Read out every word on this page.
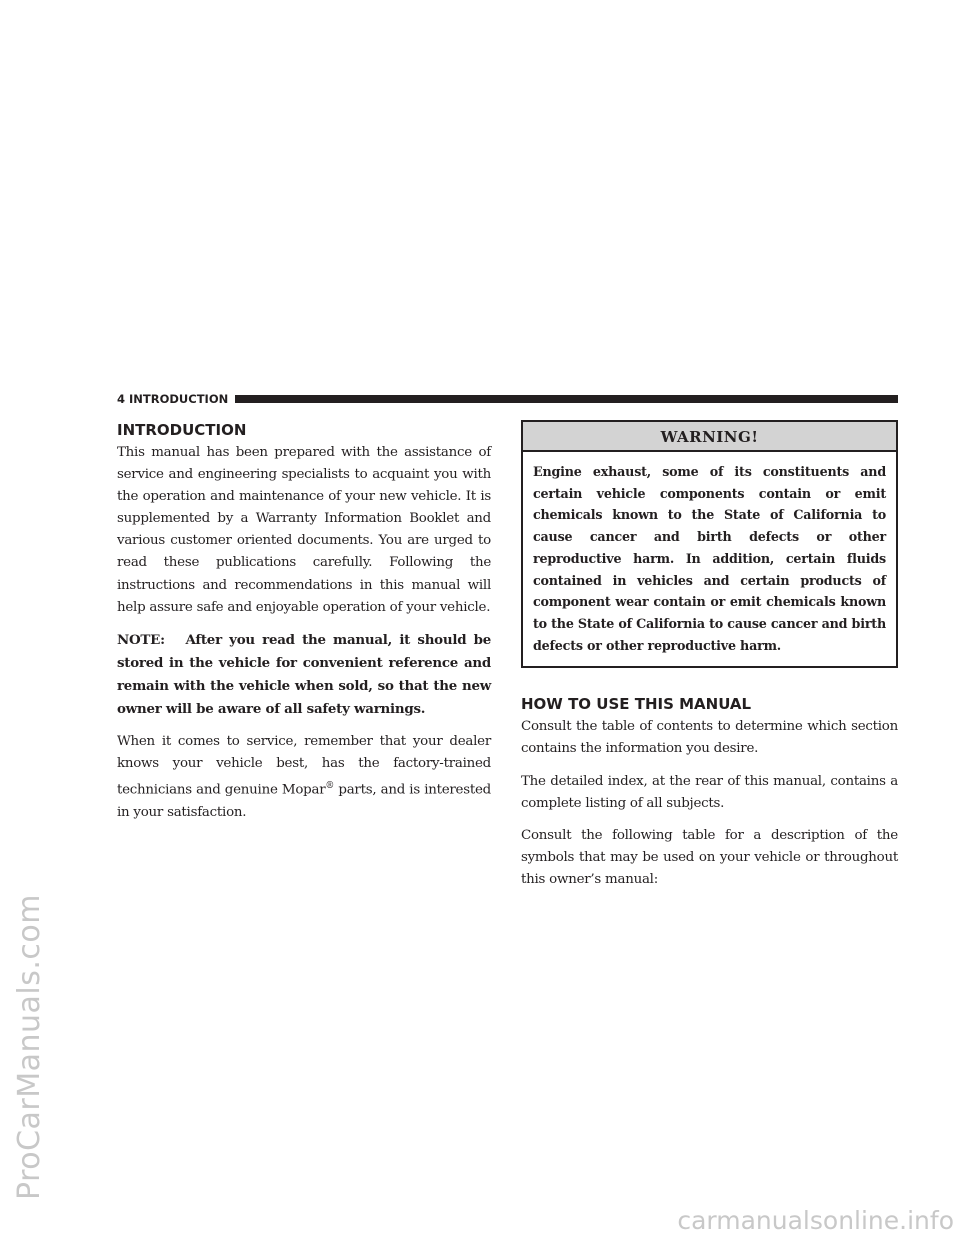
ProCarManuals.com
carmanualsonline.info
4 INTRODUCTION
INTRODUCTION

This manual has been prepared with the assistance of service and engineering specialists to acquaint you with the operation and maintenance of your new vehicle. It is supplemented by a Warranty Information Booklet and various customer oriented documents. You are urged to read these publications carefully. Following the instructions and recommendations in this manual will help assure safe and enjoyable operation of your vehicle.

NOTE: After you read the manual, it should be stored in the vehicle for convenient reference and remain with the vehicle when sold, so that the new owner will be aware of all safety warnings.

When it comes to service, remember that your dealer knows your vehicle best, has the factory-trained technicians and genuine Mopar® parts, and is interested in your satisfaction.

WARNING!
Engine exhaust, some of its constituents and certain vehicle components contain or emit chemicals known to the State of California to cause cancer and birth defects or other reproductive harm. In addition, certain fluids contained in vehicles and certain products of component wear contain or emit chemicals known to the State of California to cause cancer and birth defects or other reproductive harm.
HOW TO USE THIS MANUAL

Consult the table of contents to determine which section contains the information you desire.

The detailed index, at the rear of this manual, contains a complete listing of all subjects.

Consult the following table for a description of the symbols that may be used on your vehicle or throughout this owner’s manual:
